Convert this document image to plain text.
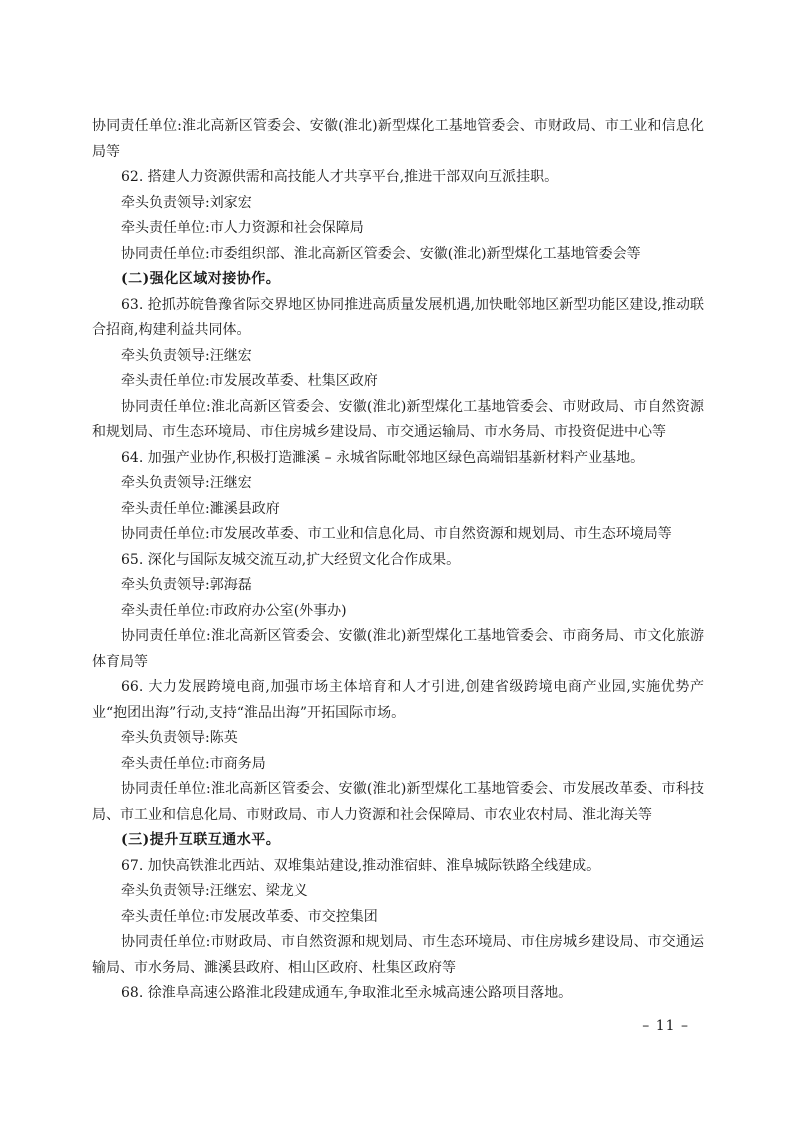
协同责任单位:淮北高新区管委会、安徽(淮北)新型煤化工基地管委会、市财政局、市工业和信息化局等

62. 搭建人力资源供需和高技能人才共享平台,推进干部双向互派挂职。

牵头负责领导:刘家宏

牵头责任单位:市人力资源和社会保障局

协同责任单位:市委组织部、淮北高新区管委会、安徽(淮北)新型煤化工基地管委会等

(二)强化区域对接协作。

63. 抢抓苏皖鲁豫省际交界地区协同推进高质量发展机遇,加快毗邻地区新型功能区建设,推动联合招商,构建利益共同体。

牵头负责领导:汪继宏

牵头责任单位:市发展改革委、杜集区政府

协同责任单位:淮北高新区管委会、安徽(淮北)新型煤化工基地管委会、市财政局、市自然资源和规划局、市生态环境局、市住房城乡建设局、市交通运输局、市水务局、市投资促进中心等

64. 加强产业协作,积极打造濉溪 – 永城省际毗邻地区绿色高端铝基新材料产业基地。

牵头负责领导:汪继宏

牵头责任单位:濉溪县政府

协同责任单位:市发展改革委、市工业和信息化局、市自然资源和规划局、市生态环境局等

65. 深化与国际友城交流互动,扩大经贸文化合作成果。

牵头负责领导:郭海磊

牵头责任单位:市政府办公室(外事办)

协同责任单位:淮北高新区管委会、安徽(淮北)新型煤化工基地管委会、市商务局、市文化旅游体育局等

66. 大力发展跨境电商,加强市场主体培育和人才引进,创建省级跨境电商产业园,实施优势产业“抱团出海”行动,支持“淮品出海”开拓国际市场。

牵头负责领导:陈英

牵头责任单位:市商务局

协同责任单位:淮北高新区管委会、安徽(淮北)新型煤化工基地管委会、市发展改革委、市科技局、市工业和信息化局、市财政局、市人力资源和社会保障局、市农业农村局、淮北海关等

(三)提升互联互通水平。

67. 加快高铁淮北西站、双堆集站建设,推动淮宿蚌、淮阜城际铁路全线建成。

牵头负责领导:汪继宏、梁龙义

牵头责任单位:市发展改革委、市交控集团

协同责任单位:市财政局、市自然资源和规划局、市生态环境局、市住房城乡建设局、市交通运输局、市水务局、濉溪县政府、相山区政府、杜集区政府等

68. 徐淮阜高速公路淮北段建成通车,争取淮北至永城高速公路项目落地。

– 11 –
